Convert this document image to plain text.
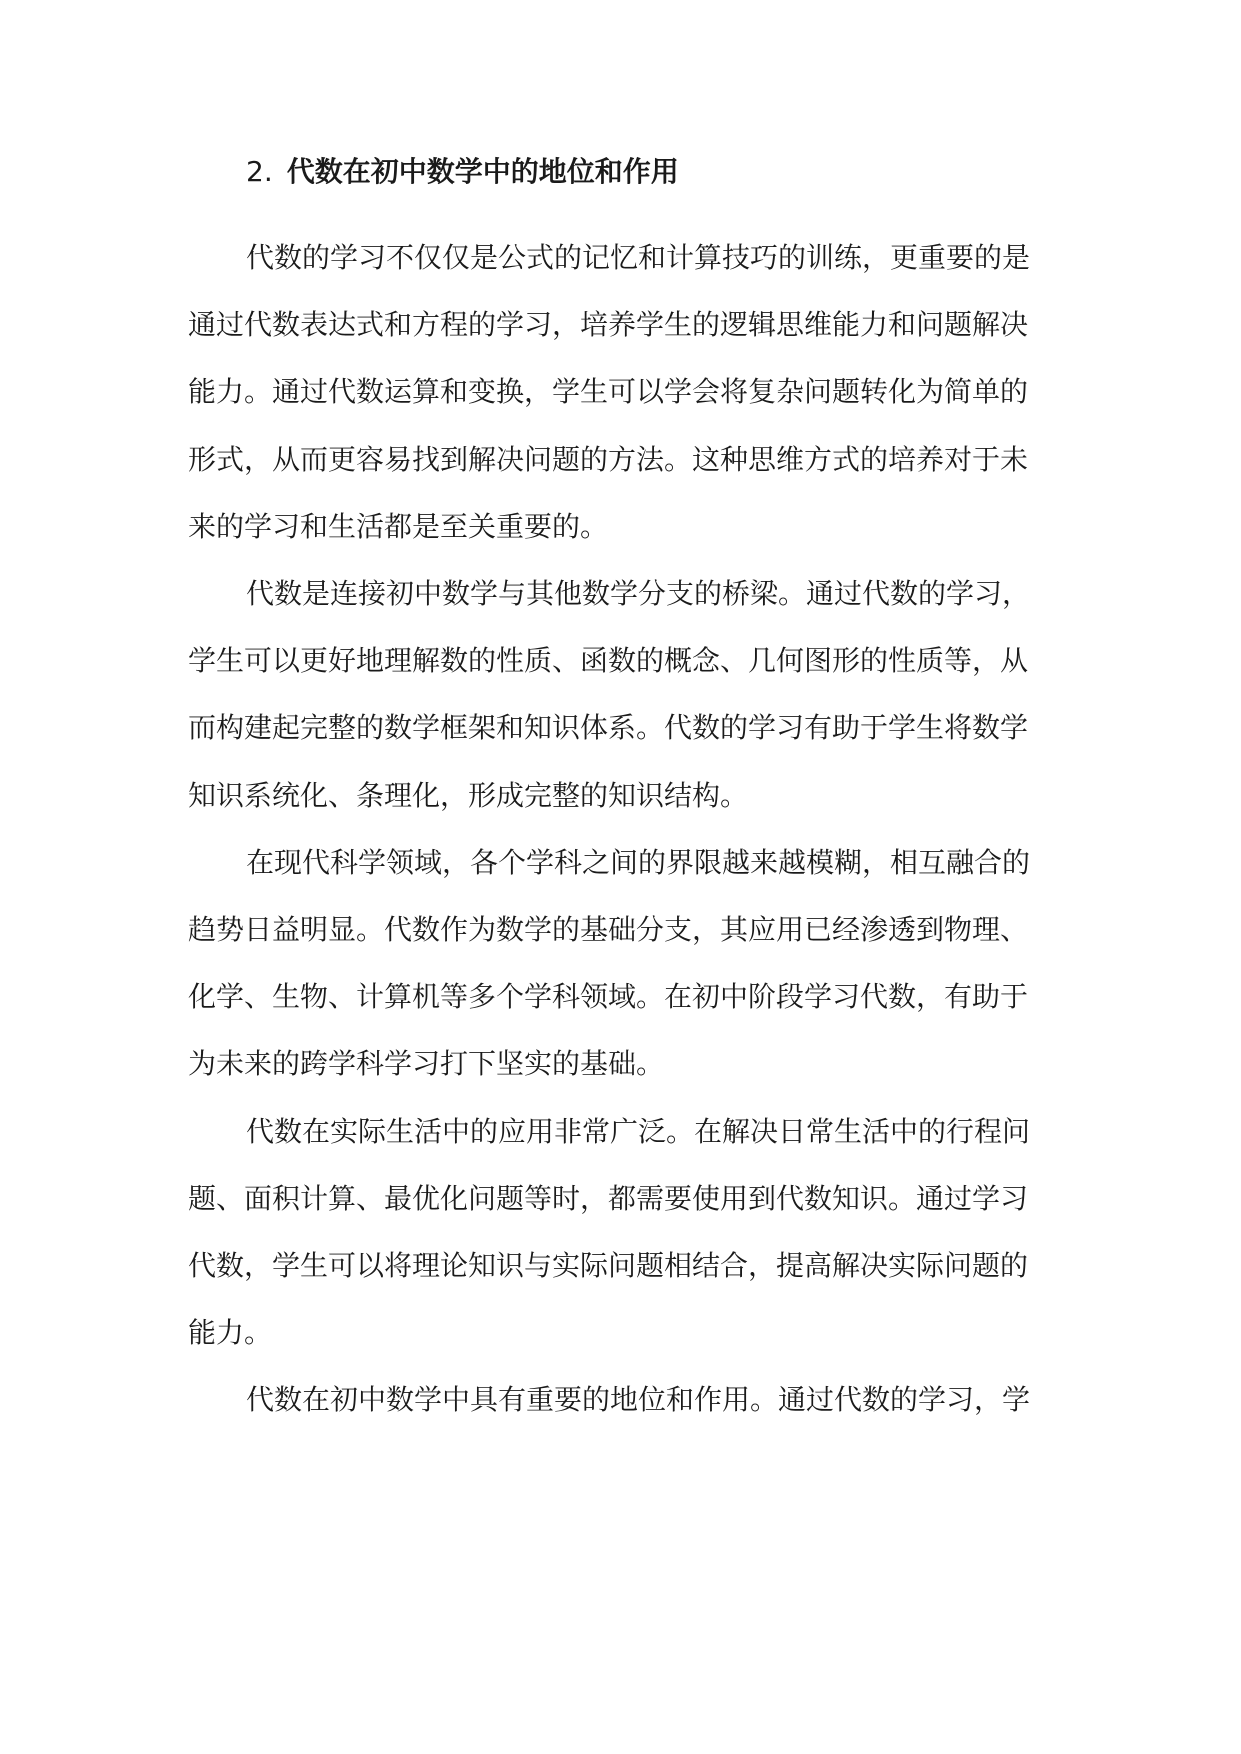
2. 代数在初中数学中的地位和作用

代数的学习不仅仅是公式的记忆和计算技巧的训练，更重要的是
通过代数表达式和方程的学习，培养学生的逻辑思维能力和问题解决
能力。通过代数运算和变换，学生可以学会将复杂问题转化为简单的
形式，从而更容易找到解决问题的方法。这种思维方式的培养对于未
来的学习和生活都是至关重要的。

代数是连接初中数学与其他数学分支的桥梁。通过代数的学习，
学生可以更好地理解数的性质、函数的概念、几何图形的性质等，从
而构建起完整的数学框架和知识体系。代数的学习有助于学生将数学
知识系统化、条理化，形成完整的知识结构。

在现代科学领域，各个学科之间的界限越来越模糊，相互融合的
趋势日益明显。代数作为数学的基础分支，其应用已经渗透到物理、
化学、生物、计算机等多个学科领域。在初中阶段学习代数，有助于
为未来的跨学科学习打下坚实的基础。

代数在实际生活中的应用非常广泛。在解决日常生活中的行程问
题、面积计算、最优化问题等时，都需要使用到代数知识。通过学习
代数，学生可以将理论知识与实际问题相结合，提高解决实际问题的
能力。

代数在初中数学中具有重要的地位和作用。通过代数的学习，学
